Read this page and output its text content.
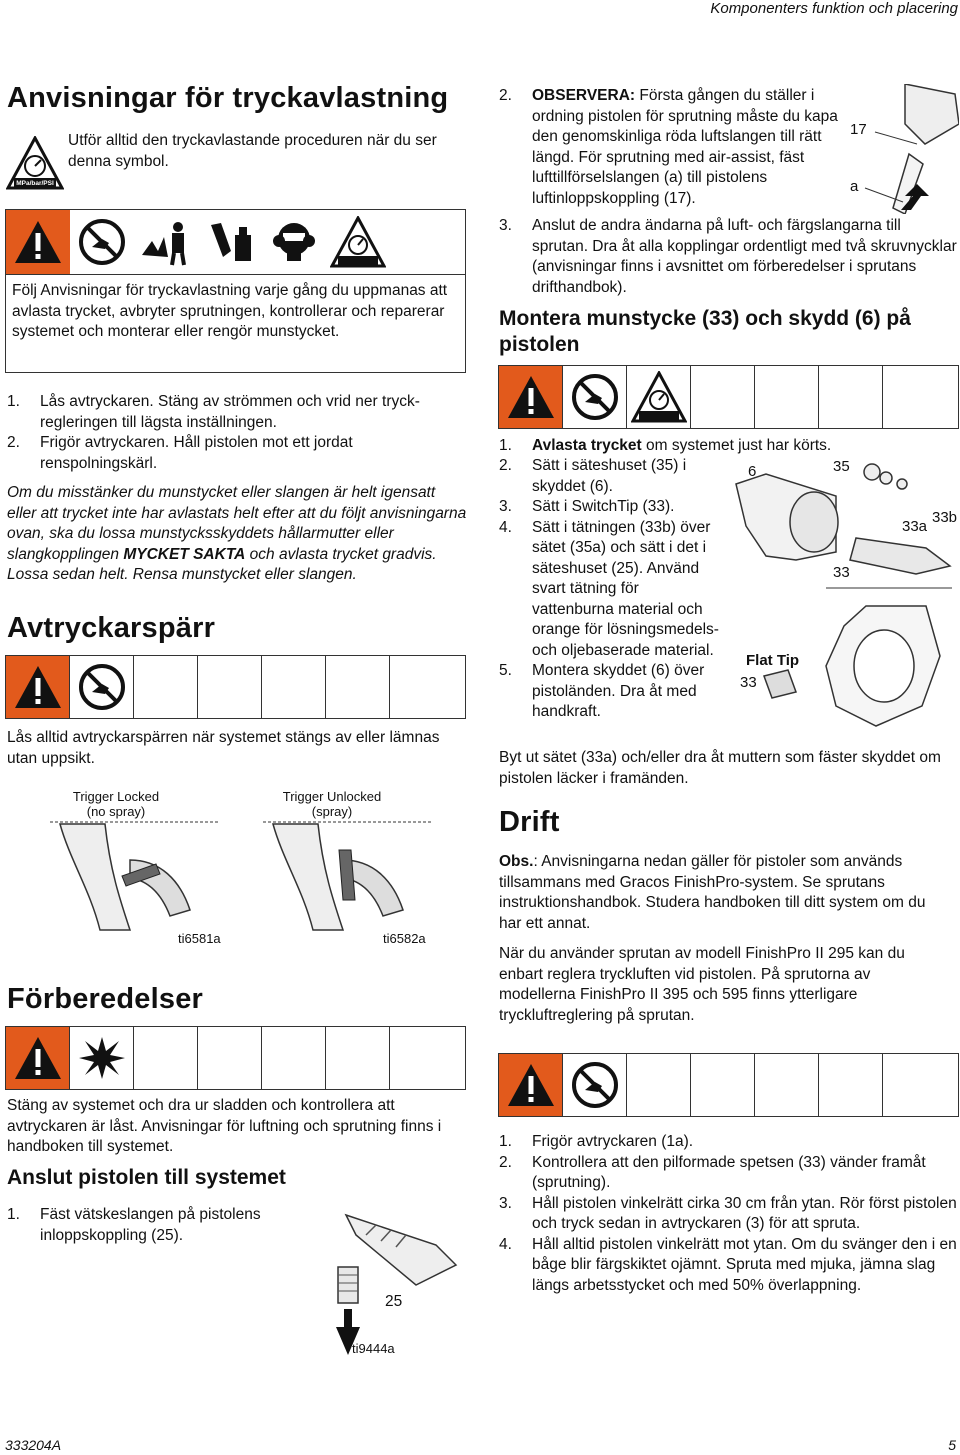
Komponenters funktion och placering
Anvisningar för tryckavlastning
MPa/bar/PSI

Utför alltid den tryckavlastande proceduren när du ser denna symbol.

Följ Anvisningar för tryckavlastning varje gång du uppmanas att avlasta trycket, avbryter sprutningen, kontrollerar och reparerar systemet och monterar eller rengör munstycket.

1. Lås avtryckaren. Stäng av strömmen och vrid ner tryck-regleringen till lägsta inställningen.
2. Frigör avtryckaren. Håll pistolen mot ett jordat renspolningskärl.

Om du misstänker du munstycket eller slangen är helt igensatt eller att trycket inte har avlastats helt efter att du följt anvisningarna ovan, ska du lossa munstycksskyddets hållarmutter eller slangkopplingen MYCKET SAKTA och avlasta trycket gradvis. Lossa sedan helt. Rensa munstycket eller slangen.

Avtryckarspärr

Lås alltid avtryckarspärren när systemet stängs av eller lämnas utan uppsikt.

Trigger Locked
(no spray)
Trigger Unlocked
(spray)
ti6581a	ti6582a
Förberedelser

Stäng av systemet och dra ur sladden och kontrollera att avtryckaren är låst. Anvisningar för luftning och sprutning finns i handboken till systemet.

Anslut pistolen till systemet
1. Fäst vätskeslangen på pistolens inloppskoppling (25).
25
ti9444a
2. OBSERVERA: Första gången du ställer i ordning pistolen för sprutning måste du kapa den genomskinliga röda luftslangen till rätt längd. För sprutning med air-assist, fäst lufttillförselslangen (a) till pistolens luftinloppskoppling (17).
3. Anslut de andra ändarna på luft- och färgslangarna till sprutan. Dra åt alla kopplingar ordentligt med två skruvnycklar (anvisningar finns i avsnittet om förberedelser i sprutans drifthandbok).
17
a
Montera munstycke (33) och skydd (6) på pistolen
1. Avlasta trycket om systemet just har körts.
2. Sätt i säteshuset (35) i skyddet (6).
3. Sätt i SwitchTip (33).
4. Sätt i tätningen (33b) över sätet (35a) och sätt i det i säteshuset (25). Använd svart tätning för vattenburna material och orange för lösningsmedels- och oljebaserade material.
5. Montera skyddet (6) över pistoländen. Dra åt med handkraft.
6	35
33a
33b
33
Flat Tip
33

Byt ut sätet (33a) och/eller dra åt muttern som fäster skyddet om pistolen läcker i framänden.

Drift

Obs.: Anvisningarna nedan gäller för pistoler som används tillsammans med Gracos FinishPro-system. Se sprutans instruktionshandbok. Studera handboken till ditt system om du har ett annat.

När du använder sprutan av modell FinishPro II 295 kan du enbart reglera tryckluften vid pistolen. På sprutorna av modellerna FinishPro II 395 och 595 finns ytterligare tryckluftreglering på sprutan.

1. Frigör avtryckaren (1a).
2. Kontrollera att den pilformade spetsen (33) vänder framåt (sprutning).
3. Håll pistolen vinkelrätt cirka 30 cm från ytan. Rör först pistolen och tryck sedan in avtryckaren (3) för att spruta.
4. Håll alltid pistolen vinkelrätt mot ytan. Om du svänger den i en båge blir färgskiktet ojämnt. Spruta med mjuka, jämna slag längs arbetsstycket och med 50% överlappning.
333204A	5
